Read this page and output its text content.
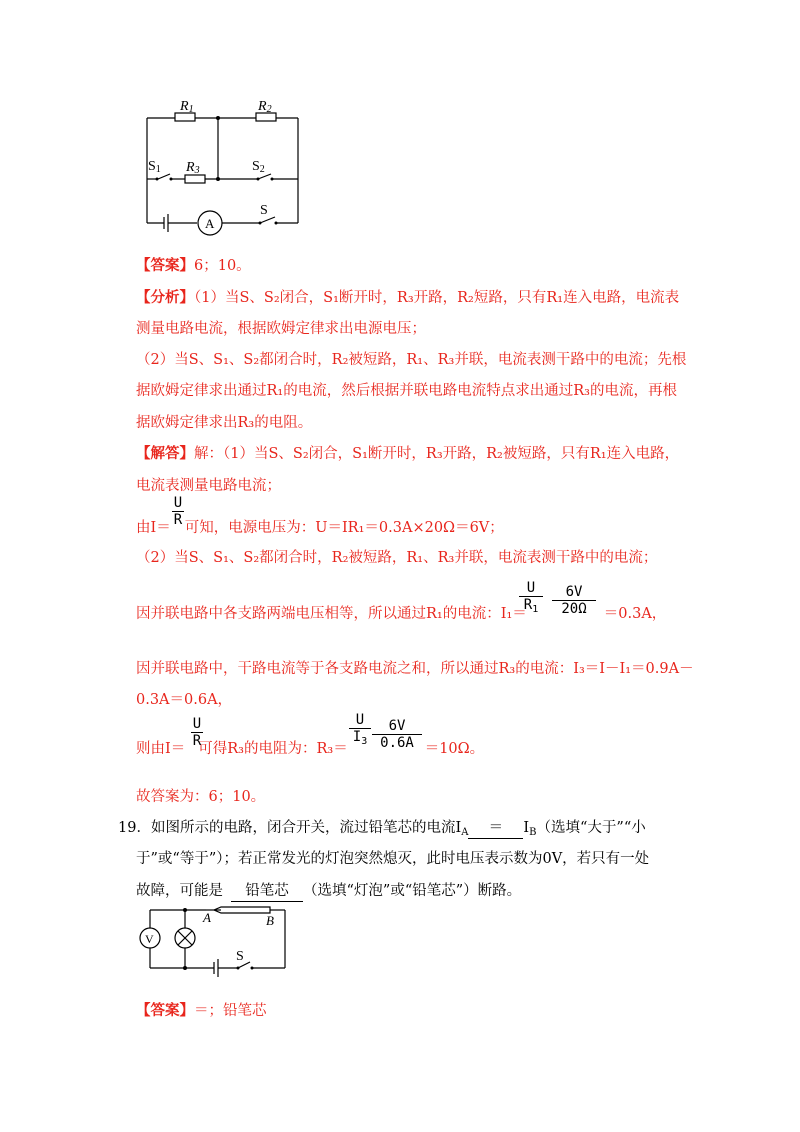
R1	R2
R3
S1	S2
S
A
【答案】6；10。
【分析】（1）当S、S₂闭合，S₁断开时，R₃开路，R₂短路，只有R₁连入电路，电流表
测量电路电流，根据欧姆定律求出电源电压；
（2）当S、S₁、S₂都闭合时，R₂被短路，R₁、R₃并联，电流表测干路中的电流；先根
据欧姆定律求出通过R₁的电流，然后根据并联电路电流特点求出通过R₃的电流，再根
据欧姆定律求出R₃的电阻。
【解答】解：（1）当S、S₂闭合，S₁断开时，R₃开路，R₂被短路，只有R₁连入电路，
电流表测量电路电流；
由I＝ 可知，电源电压为：U＝IR₁＝0.3A×20Ω＝6V；
$\frac{U}{R}$
（2）当S、S₁、S₂都闭合时，R₂被短路，R₁、R₃并联，电流表测干路中的电流；
因并联电路中各支路两端电压相等，所以通过R₁的电流：I₁＝	＝0.3A，
$\frac{U}{R_1} \frac{6V}{20\Omega}$
因并联电路中，干路电流等于各支路电流之和，所以通过R₃的电流：I₃＝I－I₁＝0.9A－
0.3A＝0.6A，
则由I＝ 可得R₃的电阻为：R₃＝	＝10Ω。
$\frac{U}{R}$	$\frac{U}{I_3} \frac{6V}{0.6A}$
故答案为：6；10。
19．如图所示的电路，闭合开关，流过铅笔芯的电流$I_A = I_B$（选填“大于”“小
于”或“等于”）；若正常发光的灯泡突然熄灭，此时电压表示数为0V，若只有一处
故障，可能是 铅笔芯 （选填“灯泡”或“铅笔芯”）断路。
V
A	B
S
【答案】＝；铅笔芯
